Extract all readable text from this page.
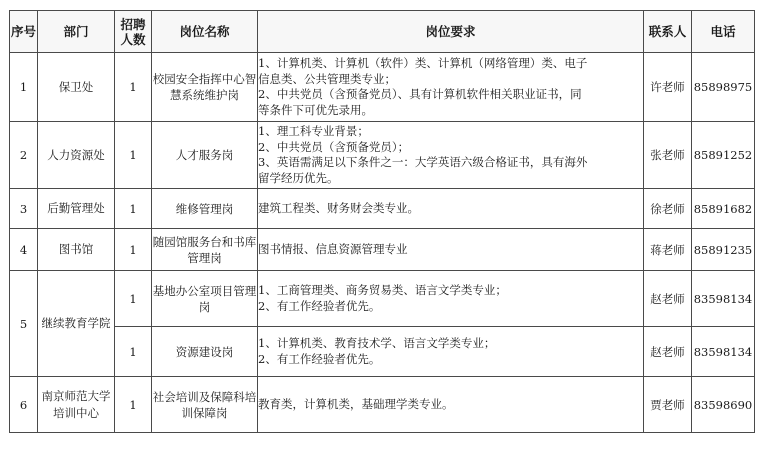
序号	部门	招聘人数	岗位名称	岗位要求	联系人	电话
1	保卫处	1	校园安全指挥中心智慧系统维护岗	1、计算机类、计算机（软件）类、计算机（网络管理）类、电子
信息类、公共管理类专业；
2、中共党员（含预备党员）、具有计算机软件相关职业证书，同
等条件下可优先录用。	许老师	85898975
2	人力资源处	1	人才服务岗	1、理工科专业背景；
2、中共党员（含预备党员）；
3、英语需满足以下条件之一：大学英语六级合格证书，具有海外
留学经历优先。	张老师	85891252
3	后勤管理处	1	维修管理岗	建筑工程类、财务财会类专业。	徐老师	85891682
4	图书馆	1	随园馆服务台和书库管理岗	图书情报、信息资源管理专业	蒋老师	85891235
5	继续教育学院	1	基地办公室项目管理岗	1、工商管理类、商务贸易类、语言文学类专业；
2、有工作经验者优先。	赵老师	83598134
		1	资源建设岗	1、计算机类、教育技术学、语言文学类专业；
2、有工作经验者优先。	赵老师	83598134
6	南京师范大学培训中心	1	社会培训及保障科培训保障岗	教育类，计算机类，基础理学类专业。	贾老师	83598690
